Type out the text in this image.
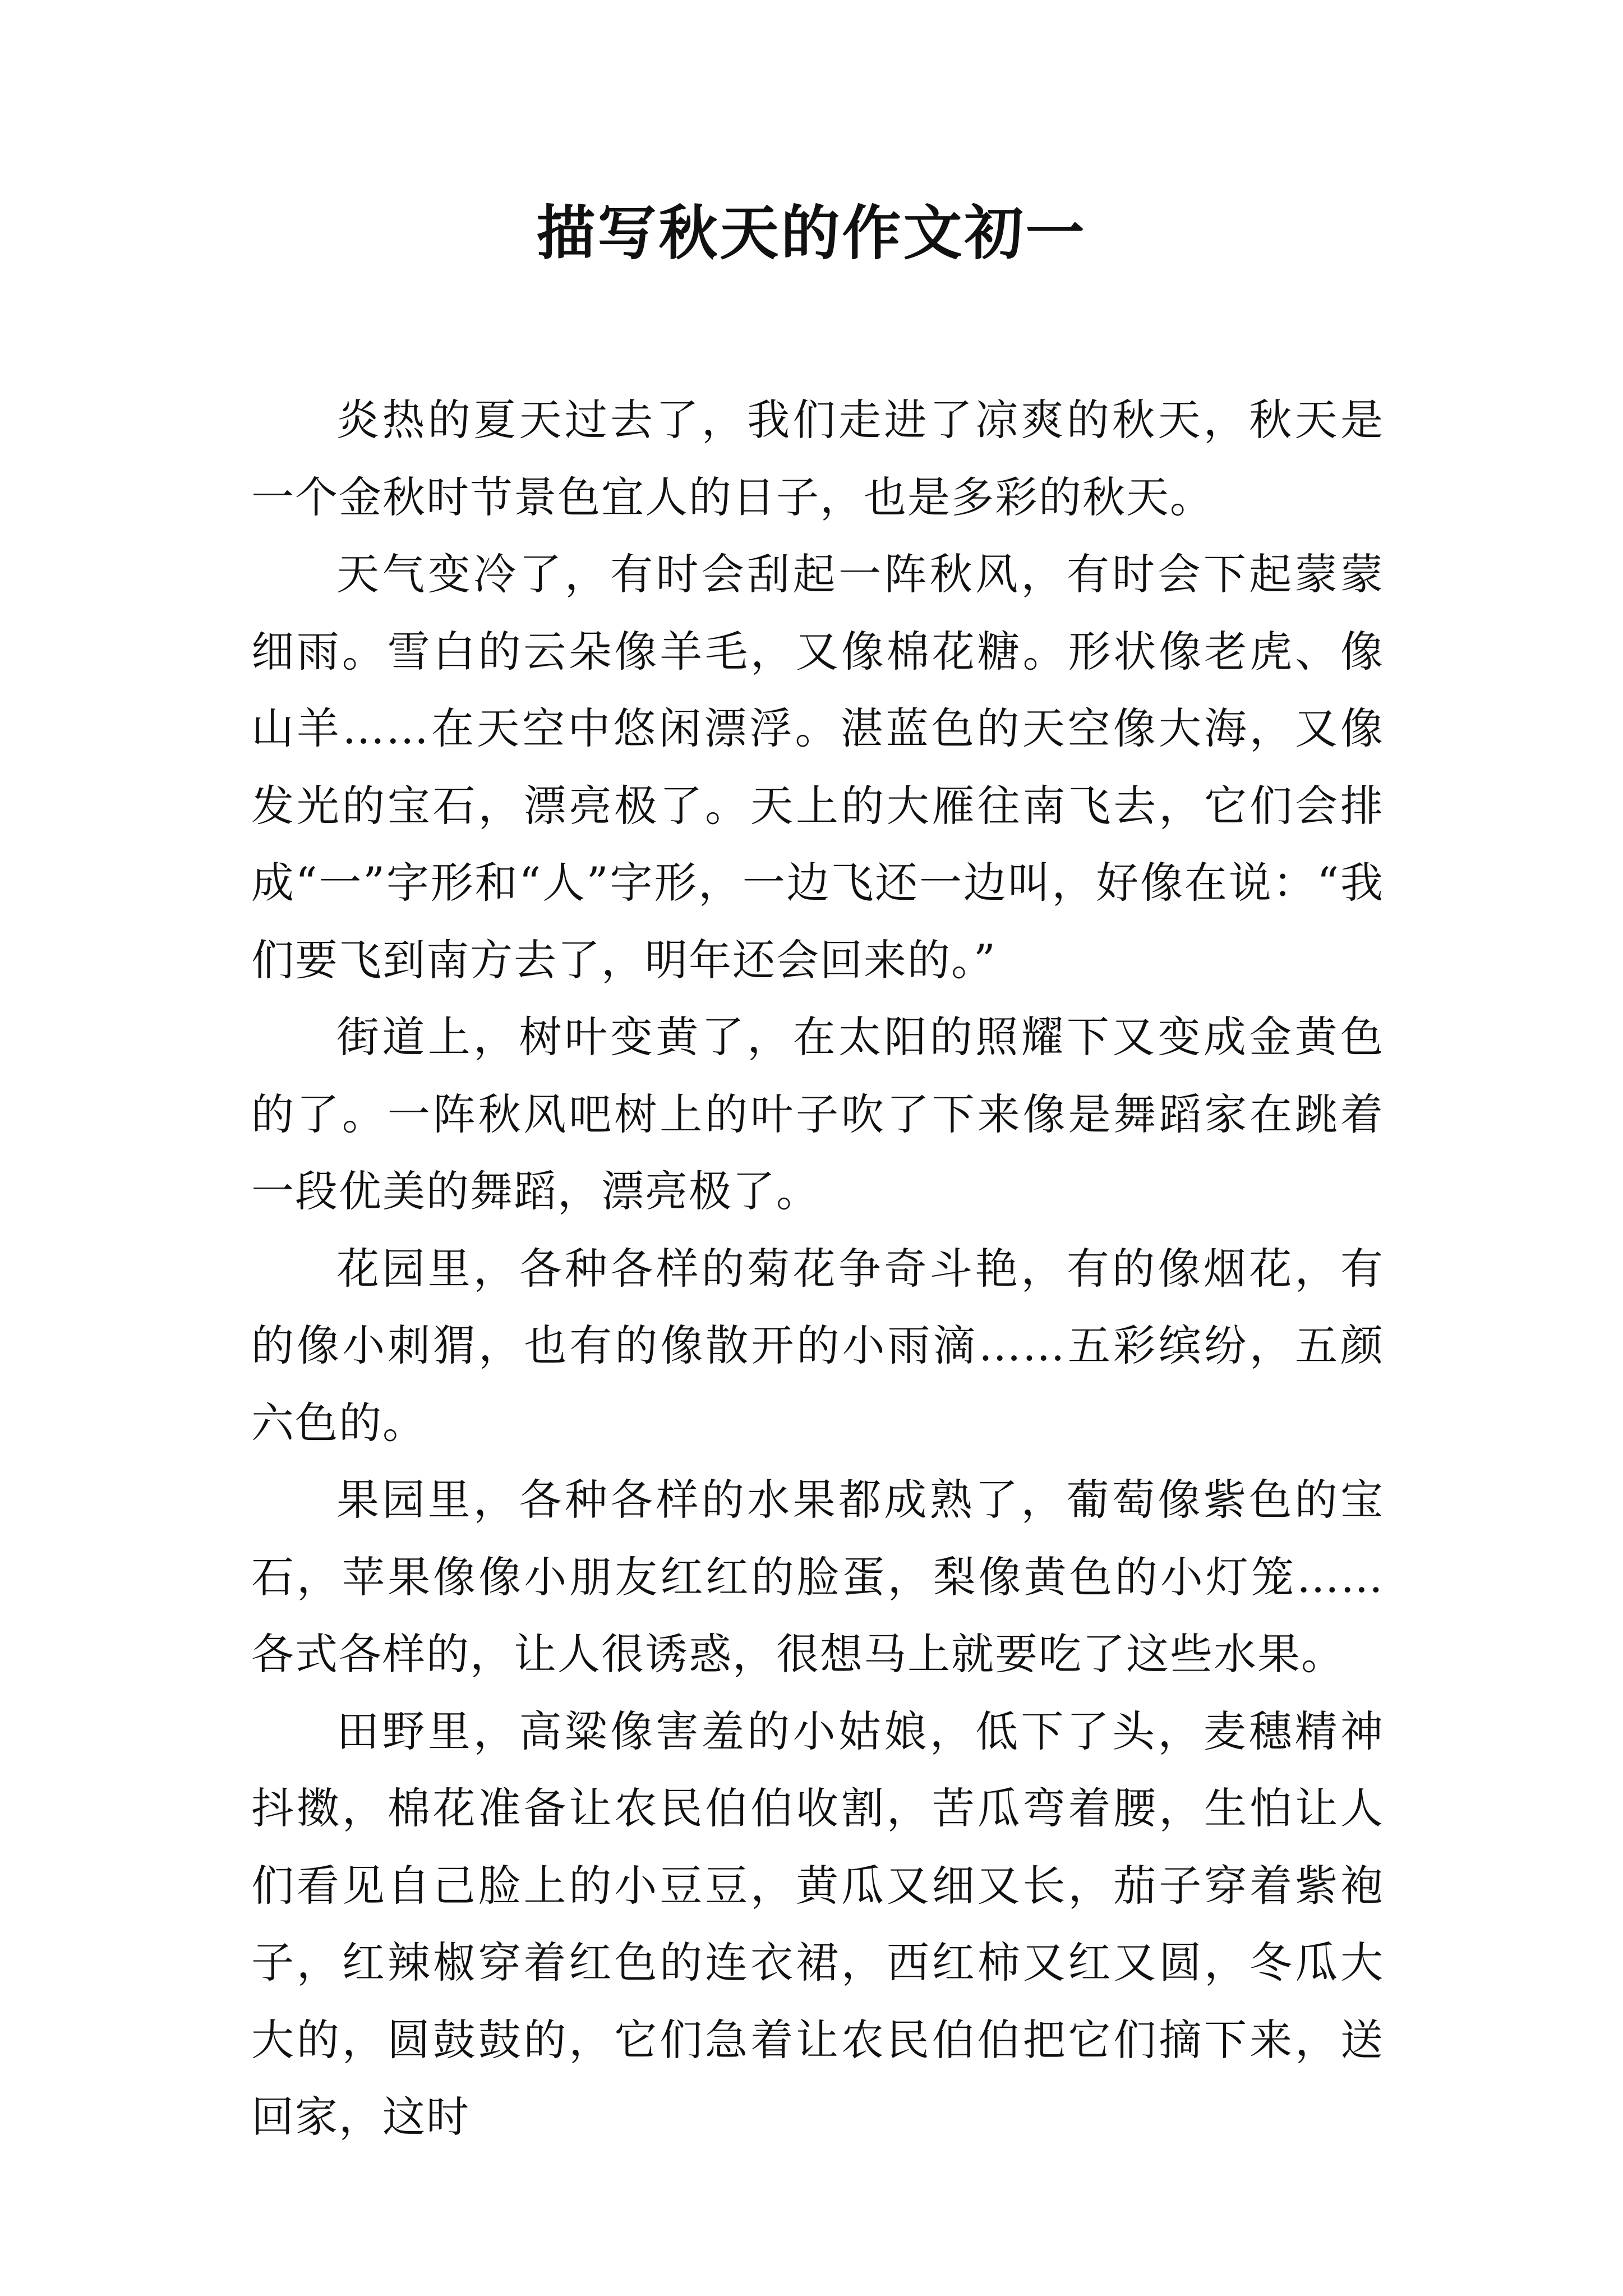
描写秋天的作文初一

炎热的夏天过去了，我们走进了凉爽的秋天，秋天是一个金秋时节景色宜人的日子，也是多彩的秋天。

天气变冷了，有时会刮起一阵秋风，有时会下起蒙蒙细雨。雪白的云朵像羊毛，又像棉花糖。形状像老虎、像山羊……在天空中悠闲漂浮。湛蓝色的天空像大海，又像发光的宝石，漂亮极了。天上的大雁往南飞去，它们会排成“一”字形和“人”字形，一边飞还一边叫，好像在说：“我们要飞到南方去了，明年还会回来的。”

街道上，树叶变黄了，在太阳的照耀下又变成金黄色的了。一阵秋风吧树上的叶子吹了下来像是舞蹈家在跳着一段优美的舞蹈，漂亮极了。

花园里，各种各样的菊花争奇斗艳，有的像烟花，有的像小刺猬，也有的像散开的小雨滴……五彩缤纷，五颜六色的。

果园里，各种各样的水果都成熟了，葡萄像紫色的宝石，苹果像像小朋友红红的脸蛋，梨像黄色的小灯笼……各式各样的，让人很诱惑，很想马上就要吃了这些水果。

田野里，高粱像害羞的小姑娘，低下了头，麦穗精神抖擞，棉花准备让农民伯伯收割，苦瓜弯着腰，生怕让人们看见自己脸上的小豆豆，黄瓜又细又长，茄子穿着紫袍子，红辣椒穿着红色的连衣裙，西红柿又红又圆，冬瓜大大的，圆鼓鼓的，它们急着让农民伯伯把它们摘下来，送回家，这时
